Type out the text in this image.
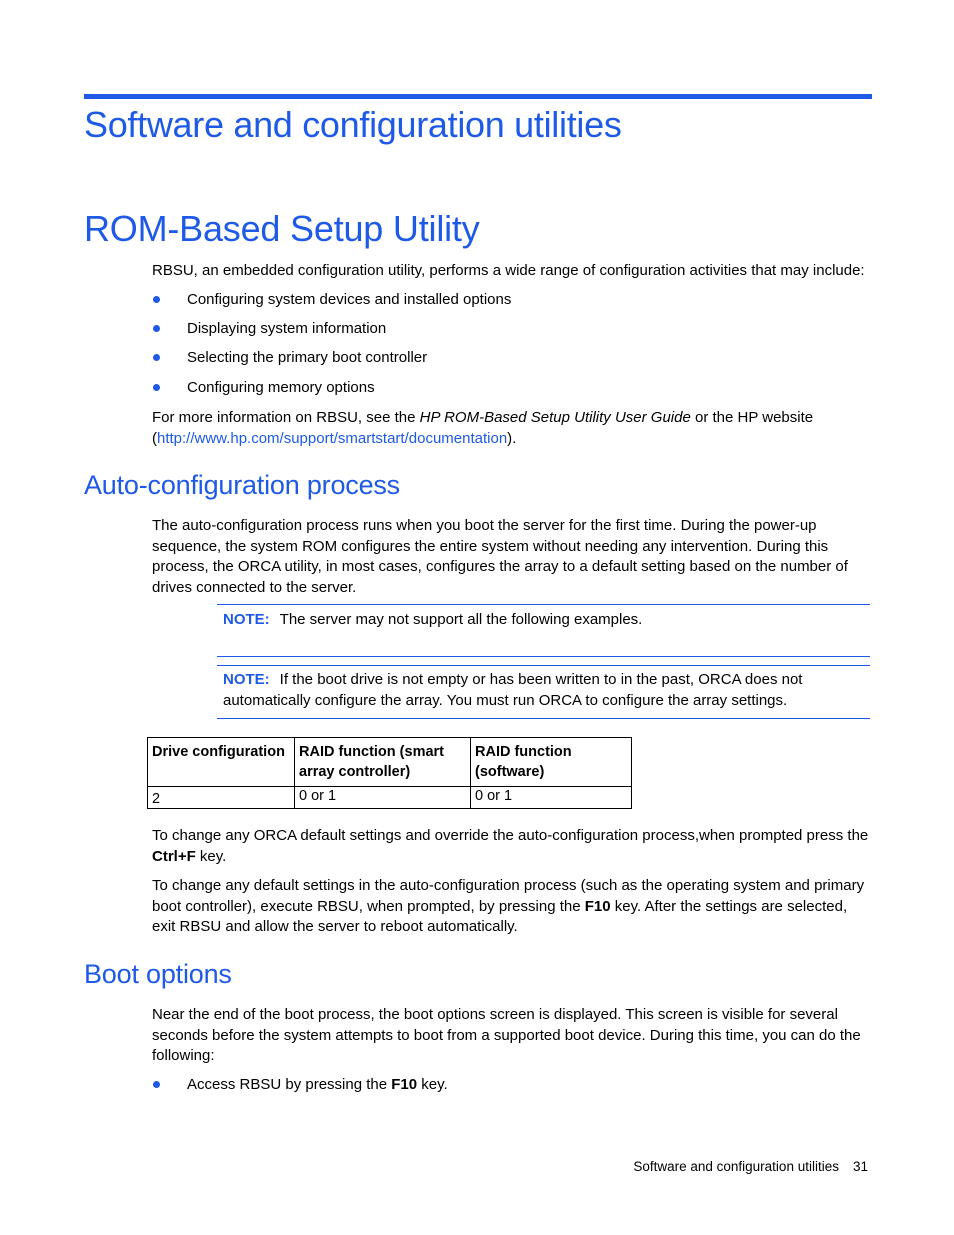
Software and configuration utilities
ROM-Based Setup Utility

RBSU, an embedded configuration utility, performs a wide range of configuration activities that may include:

Configuring system devices and installed options
Displaying system information
Selecting the primary boot controller
Configuring memory options

For more information on RBSU, see the HP ROM-Based Setup Utility User Guide or the HP website
(http://www.hp.com/support/smartstart/documentation).

Auto-configuration process

The auto-configuration process runs when you boot the server for the first time. During the power-up sequence, the system ROM configures the entire system without needing any intervention. During this process, the ORCA utility, in most cases, configures the array to a default setting based on the number of drives connected to the server.

NOTE: The server may not support all the following examples.
NOTE: If the boot drive is not empty or has been written to in the past, ORCA does not automatically configure the array. You must run ORCA to configure the array settings.
Drive configuration	RAID function (smart array controller)	RAID function (software)
2	0 or 1	0 or 1

To change any ORCA default settings and override the auto-configuration process,when prompted press the Ctrl+F key.

To change any default settings in the auto-configuration process (such as the operating system and primary boot controller), execute RBSU, when prompted, by pressing the F10 key. After the settings are selected, exit RBSU and allow the server to reboot automatically.

Boot options

Near the end of the boot process, the boot options screen is displayed. This screen is visible for several seconds before the system attempts to boot from a supported boot device. During this time, you can do the following:

Access RBSU by pressing the F10 key.
Software and configuration utilities 31
